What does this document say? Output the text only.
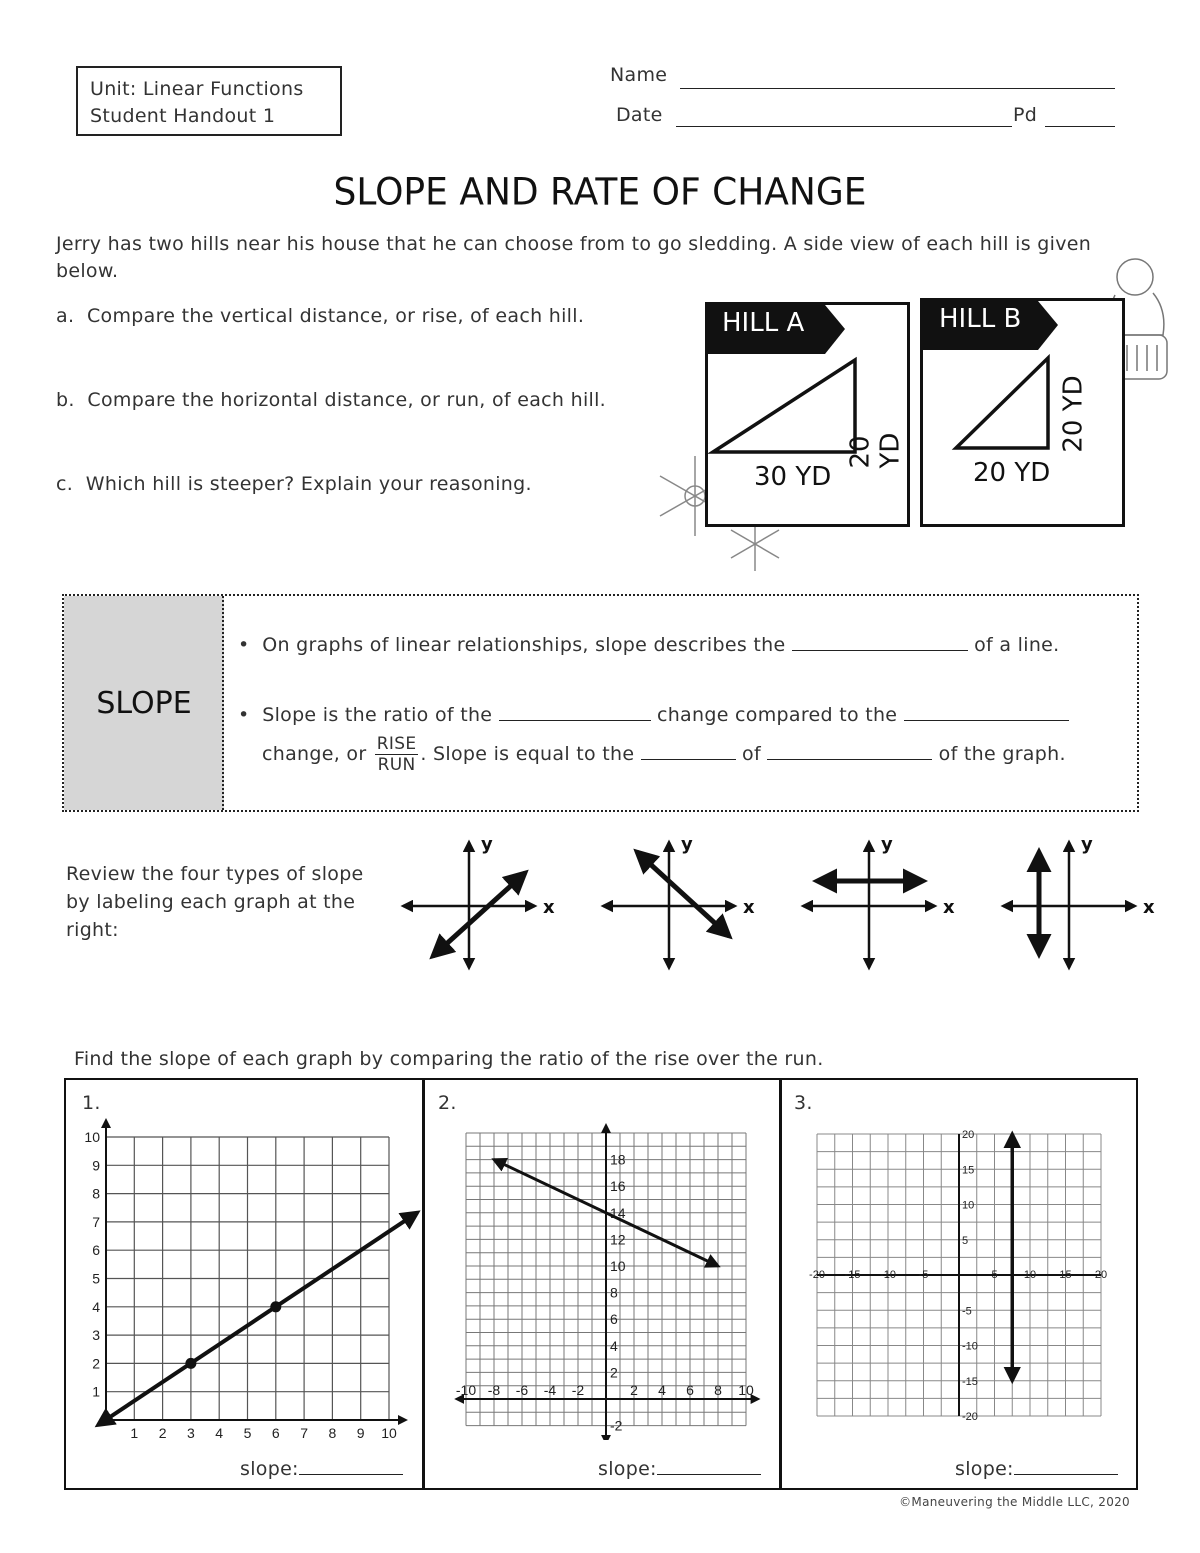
Unit: Linear Functions
Student Handout 1
Name
Date	Pd
SLOPE AND RATE OF CHANGE
Jerry has two hills near his house that he can choose from to go sledding. A side view of each hill is given below.
a. Compare the vertical distance, or rise, of each hill.
b. Compare the horizontal distance, or run, of each hill.
c. Which hill is steeper? Explain your reasoning.
HILL A
30 YD
20 YD
HILL B
20 YD
20 YD
SLOPE
• On graphs of linear relationships, slope describes the	of a line.
• Slope is the ratio of the	change compared to the
change, or $\frac{\text{RISE}}{\text{RUN}}$ . Slope is equal to the	of	of the graph.
Review the four types of slope by labeling each graph at the right:
y
x
y
x
y
x
y
x
Find the slope of each graph by comparing the ratio of the rise over the run.
1.	2.	3.
1 2 3 4 5 6 7 8 9 10
1
2
3
4
5
6
7
8
9
10
-10 -8 -6 -4 -2	2 4 6 8 10
-2
2
4
6
8
10
12
14
16
18
-20 -15 -10 -5	5 10 15 20
-20
-15
-10
-5
5
10
15
20
slope:	slope:	slope:
©Maneuvering the Middle LLC, 2020
